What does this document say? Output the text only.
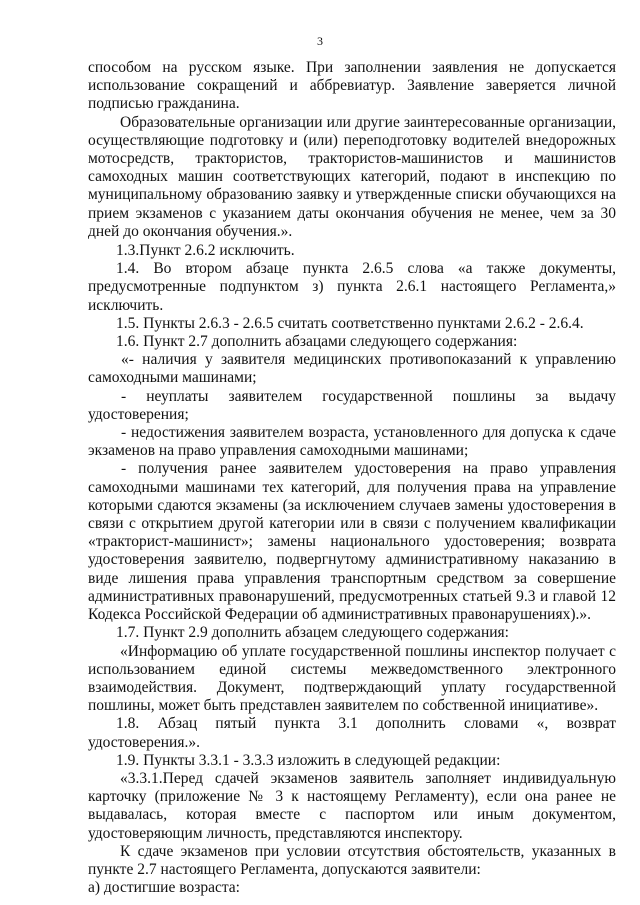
3

способом на русском языке. При заполнении заявления не допускается использование сокращений и аббревиатур. Заявление заверяется личной подписью гражданина.

Образовательные организации или другие заинтересованные организации, осуществляющие подготовку и (или) переподготовку водителей внедорожных мотосредств, трактористов, трактористов-машинистов и машинистов самоходных машин соответствующих категорий, подают в инспекцию по муниципальному образованию заявку и утвержденные списки обучающихся на прием экзаменов с указанием даты окончания обучения не менее, чем за 30 дней до окончания обучения.».

1.3.Пункт 2.6.2 исключить.

1.4. Во втором абзаце пункта 2.6.5 слова «а также документы, предусмотренные подпунктом з) пункта 2.6.1 настоящего Регламента,» исключить.

1.5. Пункты 2.6.3 - 2.6.5 считать соответственно пунктами 2.6.2 - 2.6.4.

1.6. Пункт 2.7 дополнить абзацами следующего содержания:

«- наличия у заявителя медицинских противопоказаний к управлению самоходными машинами;

- неуплаты заявителем государственной пошлины за выдачу удостоверения;

- недостижения заявителем возраста, установленного для допуска к сдаче экзаменов на право управления самоходными машинами;

- получения ранее заявителем удостоверения на право управления самоходными машинами тех категорий, для получения права на управление которыми сдаются экзамены (за исключением случаев замены удостоверения в связи с открытием другой категории или в связи с получением квалификации «тракторист-машинист»; замены национального удостоверения; возврата удостоверения заявителю, подвергнутому административному наказанию в виде лишения права управления транспортным средством за совершение административных правонарушений, предусмотренных статьей 9.3 и главой 12 Кодекса Российской Федерации об административных правонарушениях).».

1.7. Пункт 2.9 дополнить абзацем следующего содержания:

«Информацию об уплате государственной пошлины инспектор получает с использованием единой системы межведомственного электронного взаимодействия. Документ, подтверждающий уплату государственной пошлины, может быть представлен заявителем по собственной инициативе».

1.8. Абзац пятый пункта 3.1 дополнить словами «, возврат удостоверения.».

1.9. Пункты 3.3.1 - 3.3.3 изложить в следующей редакции:

«3.3.1.Перед сдачей экзаменов заявитель заполняет индивидуальную карточку (приложение № 3 к настоящему Регламенту), если она ранее не выдавалась, которая вместе с паспортом или иным документом, удостоверяющим личность, представляются инспектору.

К сдаче экзаменов при условии отсутствия обстоятельств, указанных в пункте 2.7 настоящего Регламента, допускаются заявители:

а) достигшие возраста:
